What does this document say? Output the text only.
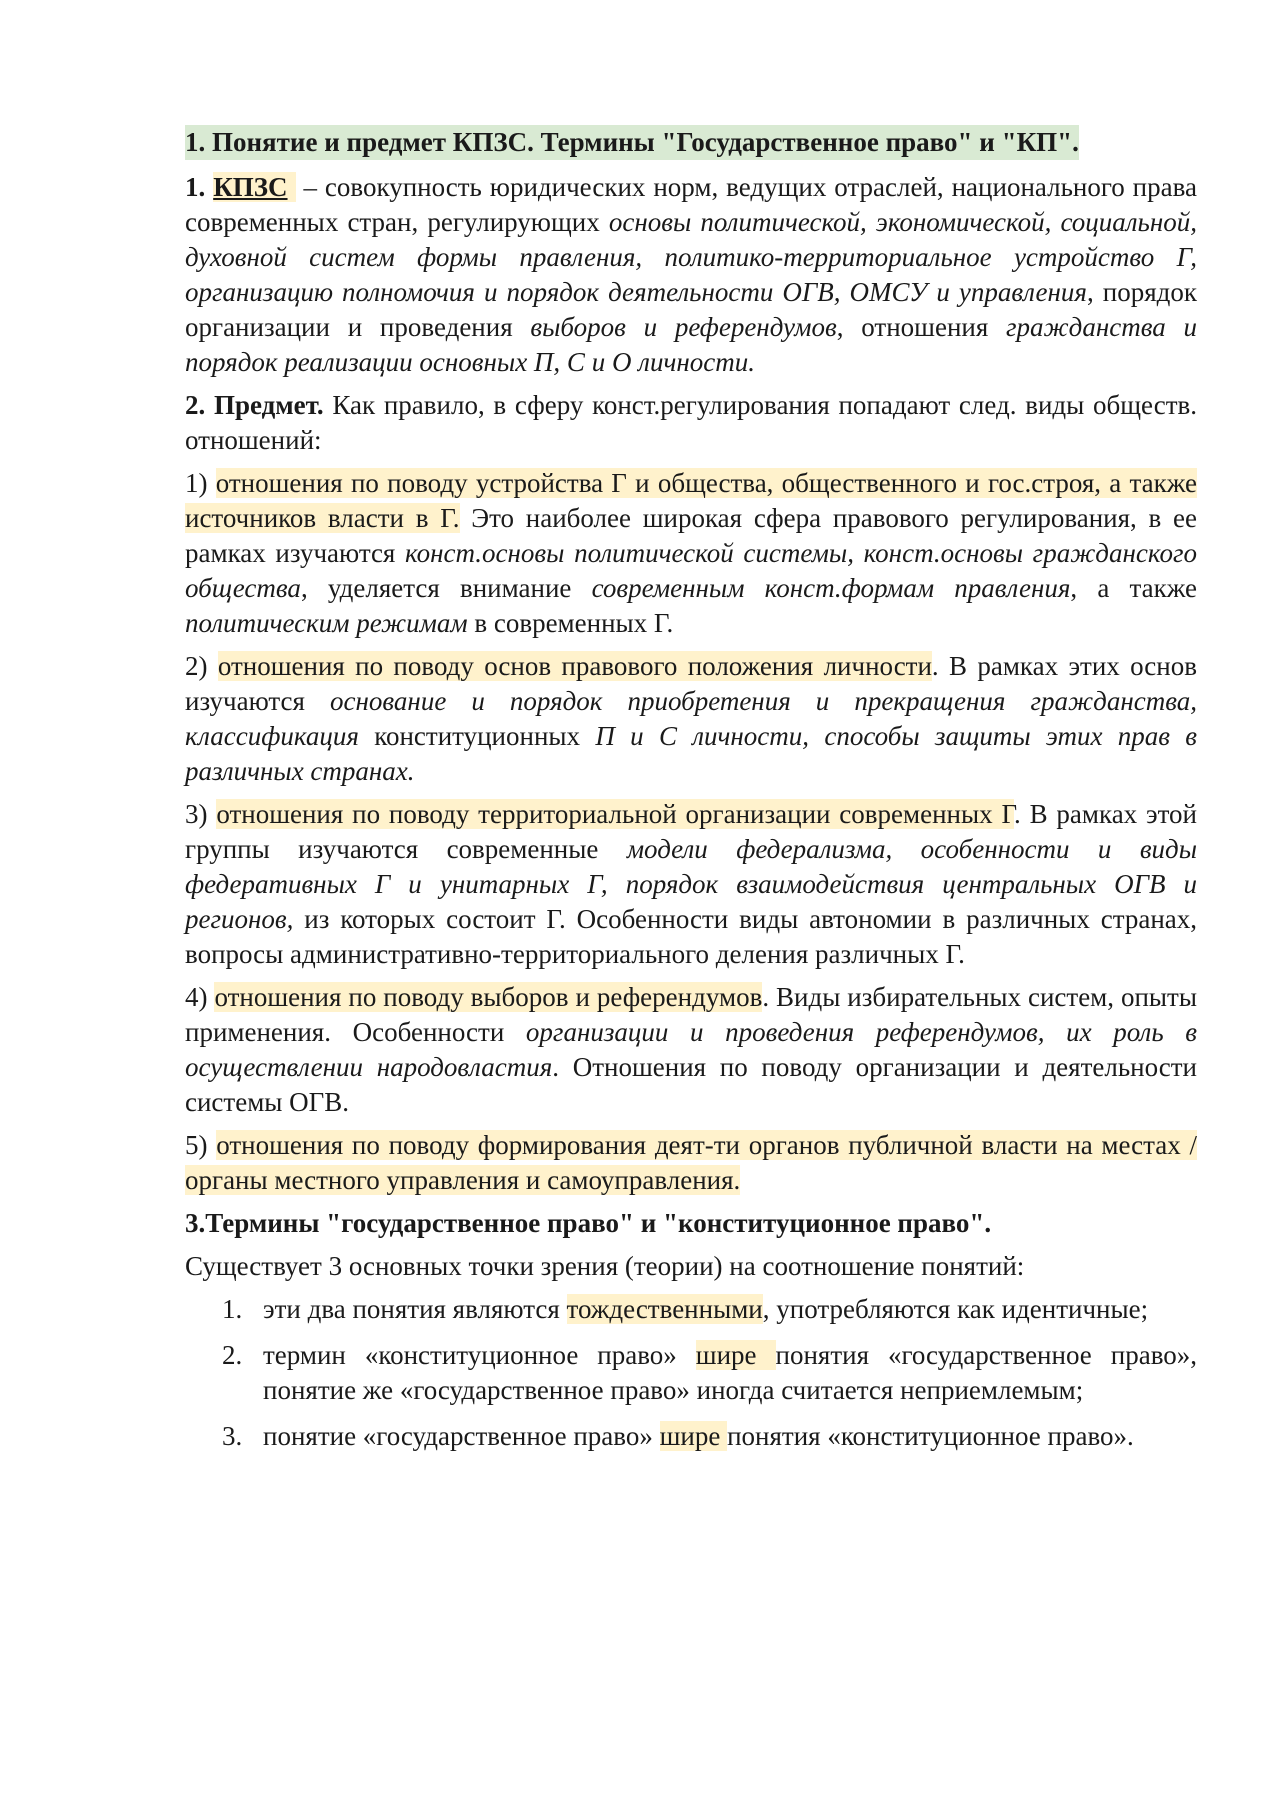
1. Понятие и предмет КПЗС. Термины "Государственное право" и "КП".

1. КПЗС – совокупность юридических норм, ведущих отраслей, национального права современных стран, регулирующих основы политической, экономической, социальной, духовной систем формы правления, политико-территориальное устройство Г, организацию полномочия и порядок деятельности ОГВ, ОМСУ и управления, порядок организации и проведения выборов и референдумов, отношения гражданства и порядок реализации основных П, С и О личности.

2. Предмет. Как правило, в сферу конст.регулирования попадают след. виды обществ. отношений:

1) отношения по поводу устройства Г и общества, общественного и гос.строя, а также источников власти в Г. Это наиболее широкая сфера правового регулирования, в ее рамках изучаются конст.основы политической системы, конст.основы гражданского общества, уделяется внимание современным конст.формам правления, а также политическим режимам в современных Г.

2) отношения по поводу основ правового положения личности. В рамках этих основ изучаются основание и порядок приобретения и прекращения гражданства, классификация конституционных П и С личности, способы защиты этих прав в различных странах.

3) отношения по поводу территориальной организации современных Г. В рамках этой группы изучаются современные модели федерализма, особенности и виды федеративных Г и унитарных Г, порядок взаимодействия центральных ОГВ и регионов, из которых состоит Г. Особенности виды автономии в различных странах, вопросы административно-территориального деления различных Г.

4) отношения по поводу выборов и референдумов. Виды избирательных систем, опыты применения. Особенности организации и проведения референдумов, их роль в осуществлении народовластия. Отношения по поводу организации и деятельности системы ОГВ.

5) отношения по поводу формирования деят-ти органов публичной власти на местах / органы местного управления и самоуправления.

3.Термины "государственное право" и "конституционное право".

Существует 3 основных точки зрения (теории) на соотношение понятий:

1. эти два понятия являются тождественными, употребляются как идентичные;
2. термин «конституционное право» шире понятия «государственное право», понятие же «государственное право» иногда считается неприемлемым;
3. понятие «государственное право» шире понятия «конституционное право».
